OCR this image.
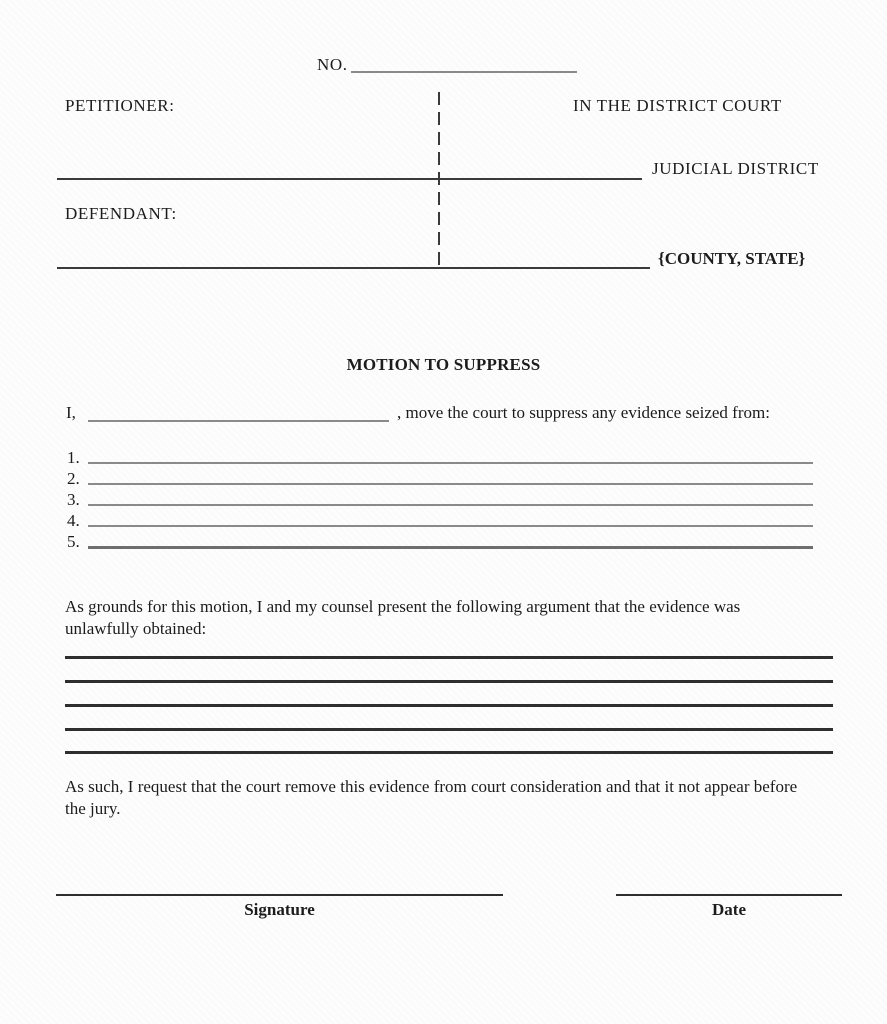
NO.
PETITIONER:	IN THE DISTRICT COURT
JUDICIAL DISTRICT
DEFENDANT:
{COUNTY, STATE}
MOTION TO SUPPRESS
I,	, move the court to suppress any evidence seized from:
1.
2.
3.
4.
5.
As grounds for this motion, I and my counsel present the following argument that the evidence was unlawfully obtained:
As such, I request that the court remove this evidence from court consideration and that it not appear before the jury.
Signature	Date
